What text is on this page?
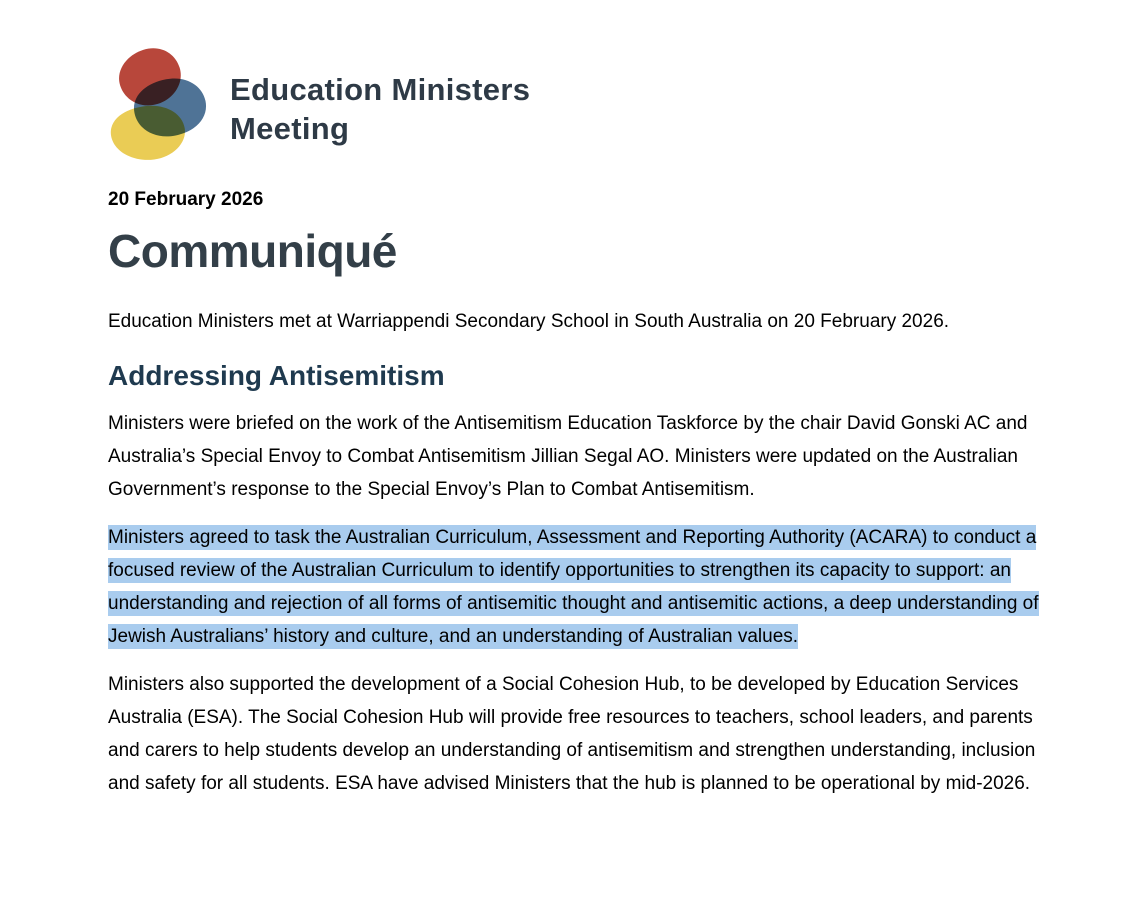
Education Ministers
Meeting
20 February 2026
Communiqué

Education Ministers met at Warriappendi Secondary School in South Australia on 20 February 2026.

Addressing Antisemitism

Ministers were briefed on the work of the Antisemitism Education Taskforce by the chair David Gonski AC and Australia’s Special Envoy to Combat Antisemitism Jillian Segal AO. Ministers were updated on the Australian Government’s response to the Special Envoy’s Plan to Combat Antisemitism.

Ministers agreed to task the Australian Curriculum, Assessment and Reporting Authority (ACARA) to conduct a focused review of the Australian Curriculum to identify opportunities to strengthen its capacity to support: an understanding and rejection of all forms of antisemitic thought and antisemitic actions, a deep understanding of Jewish Australians’ history and culture, and an understanding of Australian values.

Ministers also supported the development of a Social Cohesion Hub, to be developed by Education Services Australia (ESA). The Social Cohesion Hub will provide free resources to teachers, school leaders, and parents and carers to help students develop an understanding of antisemitism and strengthen understanding, inclusion and safety for all students. ESA have advised Ministers that the hub is planned to be operational by mid-2026.
